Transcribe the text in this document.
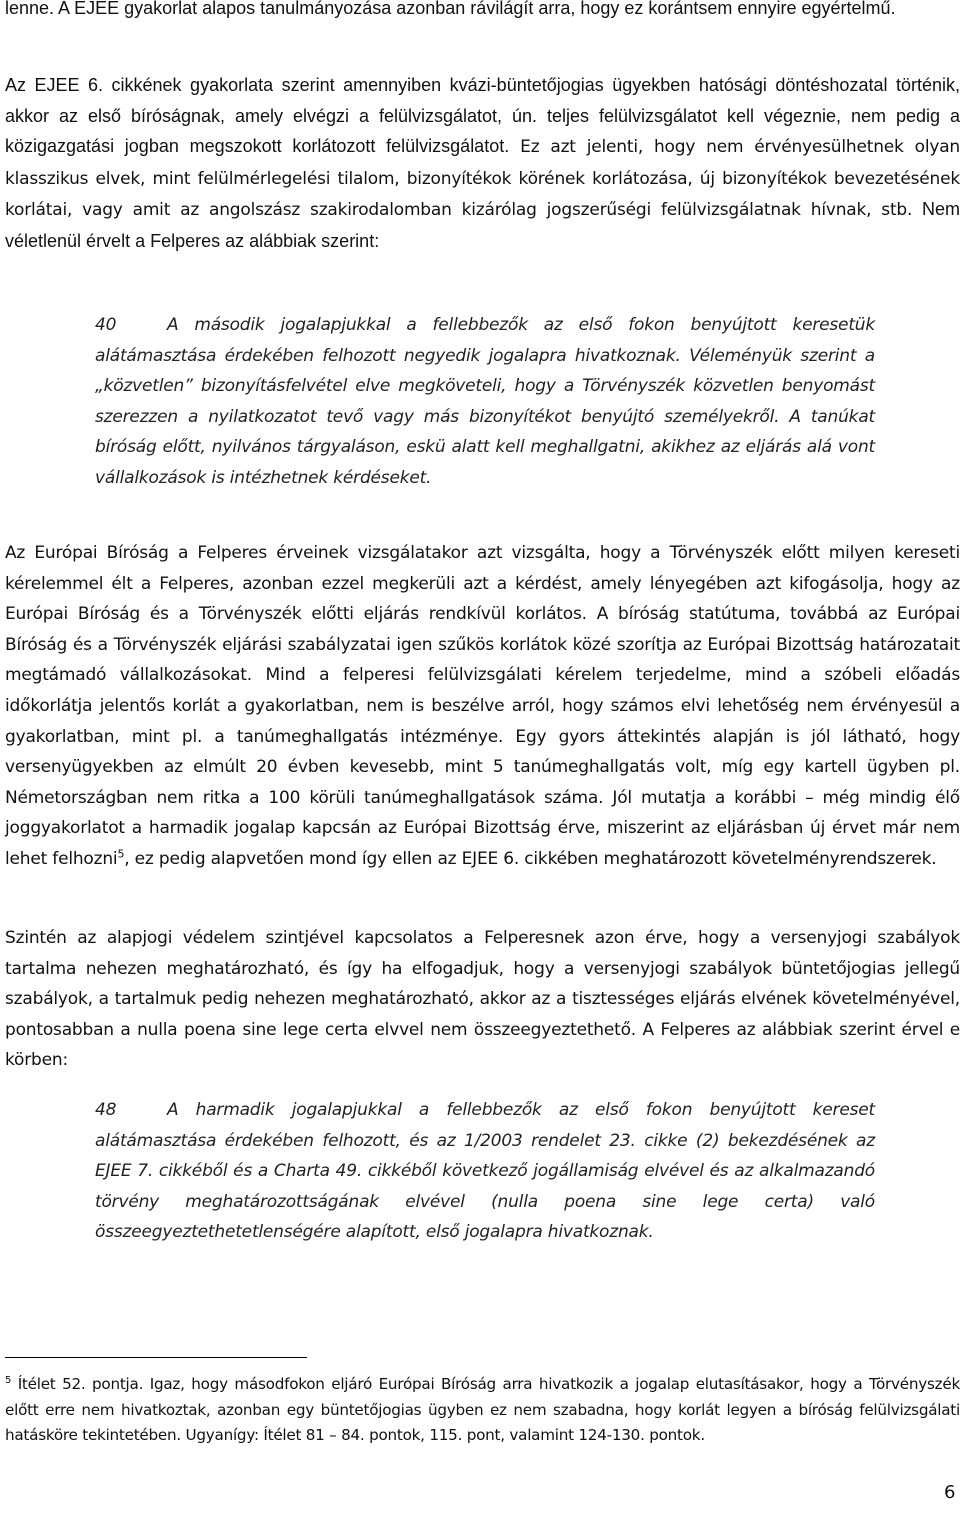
lenne. A EJEE gyakorlat alapos tanulmányozása azonban rávilágít arra, hogy ez korántsem ennyire egyértelmű.

Az EJEE 6. cikkének gyakorlata szerint amennyiben kvázi-büntetőjogias ügyekben hatósági döntéshozatal történik, akkor az első bíróságnak, amely elvégzi a felülvizsgálatot, ún. teljes felülvizsgálatot kell végeznie, nem pedig a közigazgatási jogban megszokott korlátozott felülvizsgálatot. Ez azt jelenti, hogy nem érvényesülhetnek olyan klasszikus elvek, mint felülmérlegelési tilalom, bizonyítékok körének korlátozása, új bizonyítékok bevezetésének korlátai, vagy amit az angolszász szakirodalomban kizárólag jogszerűségi felülvizsgálatnak hívnak, stb. Nem véletlenül érvelt a Felperes az alábbiak szerint:

40	A második jogalapjukkal a fellebbezők az első fokon benyújtott keresetük alátámasztása érdekében felhozott negyedik jogalapra hivatkoznak. Véleményük szerint a „közvetlen” bizonyításfelvétel elve megköveteli, hogy a Törvényszék közvetlen benyomást szerezzen a nyilatkozatot tevő vagy más bizonyítékot benyújtó személyekről. A tanúkat bíróság előtt, nyilvános tárgyaláson, eskü alatt kell meghallgatni, akikhez az eljárás alá vont vállalkozások is intézhetnek kérdéseket.

Az Európai Bíróság a Felperes érveinek vizsgálatakor azt vizsgálta, hogy a Törvényszék előtt milyen kereseti kérelemmel élt a Felperes, azonban ezzel megkerüli azt a kérdést, amely lényegében azt kifogásolja, hogy az Európai Bíróság és a Törvényszék előtti eljárás rendkívül korlátos. A bíróság statútuma, továbbá az Európai Bíróság és a Törvényszék eljárási szabályzatai igen szűkös korlátok közé szorítja az Európai Bizottság határozatait megtámadó vállalkozásokat. Mind a felperesi felülvizsgálati kérelem terjedelme, mind a szóbeli előadás időkorlátja jelentős korlát a gyakorlatban, nem is beszélve arról, hogy számos elvi lehetőség nem érvényesül a gyakorlatban, mint pl. a tanúmeghallgatás intézménye. Egy gyors áttekintés alapján is jól látható, hogy versenyügyekben az elmúlt 20 évben kevesebb, mint 5 tanúmeghallgatás volt, míg egy kartell ügyben pl. Németországban nem ritka a 100 körüli tanúmeghallgatások száma. Jól mutatja a korábbi – még mindig élő joggyakorlatot a harmadik jogalap kapcsán az Európai Bizottság érve, miszerint az eljárásban új érvet már nem lehet felhozni$^5$, ez pedig alapvetően mond így ellen az EJEE 6. cikkében meghatározott követelményrendszerek.

Szintén az alapjogi védelem szintjével kapcsolatos a Felperesnek azon érve, hogy a versenyjogi szabályok tartalma nehezen meghatározható, és így ha elfogadjuk, hogy a versenyjogi szabályok büntetőjogias jellegű szabályok, a tartalmuk pedig nehezen meghatározható, akkor az a tisztességes eljárás elvének követelményével, pontosabban a nulla poena sine lege certa elvvel nem összeegyeztethető. A Felperes az alábbiak szerint érvel e körben:

48	A harmadik jogalapjukkal a fellebbezők az első fokon benyújtott kereset alátámasztása érdekében felhozott, és az 1/2003 rendelet 23. cikke (2) bekezdésének az EJEE 7. cikkéből és a Charta 49. cikkéből következő jogállamiság elvével és az alkalmazandó törvény meghatározottságának elvével (nulla poena sine lege certa) való összeegyeztethetetlenségére alapított, első jogalapra hivatkoznak.

$^5$ Ítélet 52. pontja. Igaz, hogy másodfokon eljáró Európai Bíróság arra hivatkozik a jogalap elutasításakor, hogy a Törvényszék előtt erre nem hivatkoztak, azonban egy büntetőjogias ügyben ez nem szabadna, hogy korlát legyen a bíróság felülvizsgálati hatásköre tekintetében. Ugyanígy: Ítélet 81 – 84. pontok, 115. pont, valamint 124-130. pontok.

6
